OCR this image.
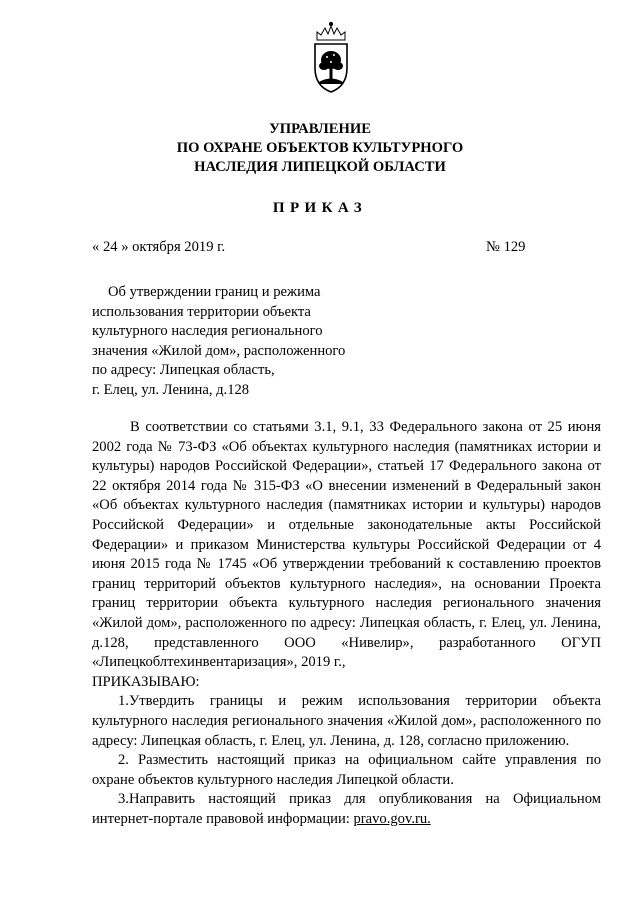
УПРАВЛЕНИЕ
ПО ОХРАНЕ ОБЪЕКТОВ КУЛЬТУРНОГО
НАСЛЕДИЯ ЛИПЕЦКОЙ ОБЛАСТИ
ПРИКАЗ
« 24 » октября 2019 г.	№ 129
Об утверждении границ и режима
использования территории объекта
культурного наследия регионального
значения «Жилой дом», расположенного
по адресу: Липецкая область,
г. Елец, ул. Ленина, д.128

В соответствии со статьями 3.1, 9.1, 33 Федерального закона от 25 июня 2002 года № 73-ФЗ «Об объектах культурного наследия (памятниках истории и культуры) народов Российской Федерации», статьей 17 Федерального закона от 22 октября 2014 года № 315-ФЗ «О внесении изменений в Федеральный закон «Об объектах культурного наследия (памятниках истории и культуры) народов Российской Федерации» и отдельные законодательные акты Российской Федерации» и приказом Министерства культуры Российской Федерации от 4 июня 2015 года № 1745 «Об утверждении требований к составлению проектов границ территорий объектов культурного наследия», на основании Проекта границ территории объекта культурного наследия регионального значения «Жилой дом», расположенного по адресу: Липецкая область, г. Елец, ул. Ленина, д.128, представленного ООО «Нивелир», разработанного ОГУП «Липецкоблтехинвентаризация», 2019 г.,

ПРИКАЗЫВАЮ:

1.Утвердить границы и режим использования территории объекта культурного наследия регионального значения «Жилой дом», расположенного по адресу: Липецкая область, г. Елец, ул. Ленина, д. 128, согласно приложению.

2. Разместить настоящий приказ на официальном сайте управления по охране объектов культурного наследия Липецкой области.

3.Направить настоящий приказ для опубликования на Официальном интернет-портале правовой информации: pravo.gov.ru.
